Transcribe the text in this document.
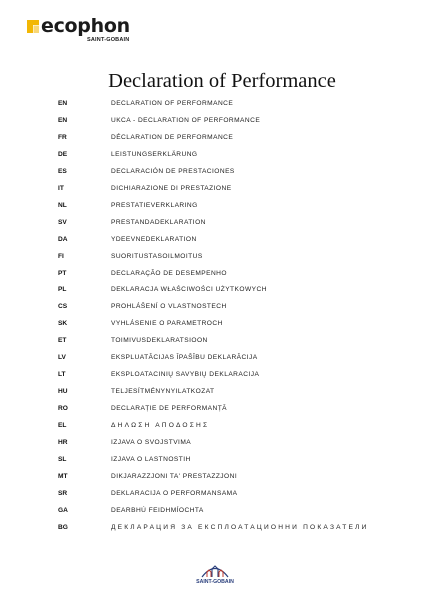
ecophon
SAINT-GOBAIN
Declaration of Performance
EN	DECLARATION OF PERFORMANCE
EN	UKCA - DECLARATION OF PERFORMANCE
FR	DÉCLARATION DE PERFORMANCE
DE	LEISTUNGSERKLÄRUNG
ES	DECLARACIÓN DE PRESTACIONES
IT	DICHIARAZIONE DI PRESTAZIONE
NL	PRESTATIEVERKLARING
SV	PRESTANDADEKLARATION
DA	YDEEVNEDEKLARATION
FI	SUORITUSTASOILMOITUS
PT	DECLARAÇÃO DE DESEMPENHO
PL	DEKLARACJA WŁAŚCIWOŚCI UŻYTKOWYCH
CS	PROHLÁŠENÍ O VLASTNOSTECH
SK	VYHLÁSENIE O PARAMETROCH
ET	TOIMIVUSDEKLARATSIOON
LV	EKSPLUATĀCIJAS ĪPAŠĪBU DEKLARĀCIJA
LT	EKSPLOATACINIŲ SAVYBIŲ DEKLARACIJA
HU	TELJESÍTMÉNYNYILATKOZAT
RO	DECLARAȚIE DE PERFORMANȚĂ
EL	ΔΗΛΩΣΗ ΑΠΟΔΟΣΗΣ
HR	IZJAVA O SVOJSTVIMA
SL	IZJAVA O LASTNOSTIH
MT	DIKJARAZZJONI TA' PRESTAZZJONI
SR	DEKLARACIJA O PERFORMANSAMA
GA	DEARBHÚ FEIDHMÍOCHTA
BG	ДЕКЛАРАЦИЯ ЗА ЕКСПЛОАТАЦИОННИ ПОКАЗАТЕЛИ
SAINT-GOBAIN
